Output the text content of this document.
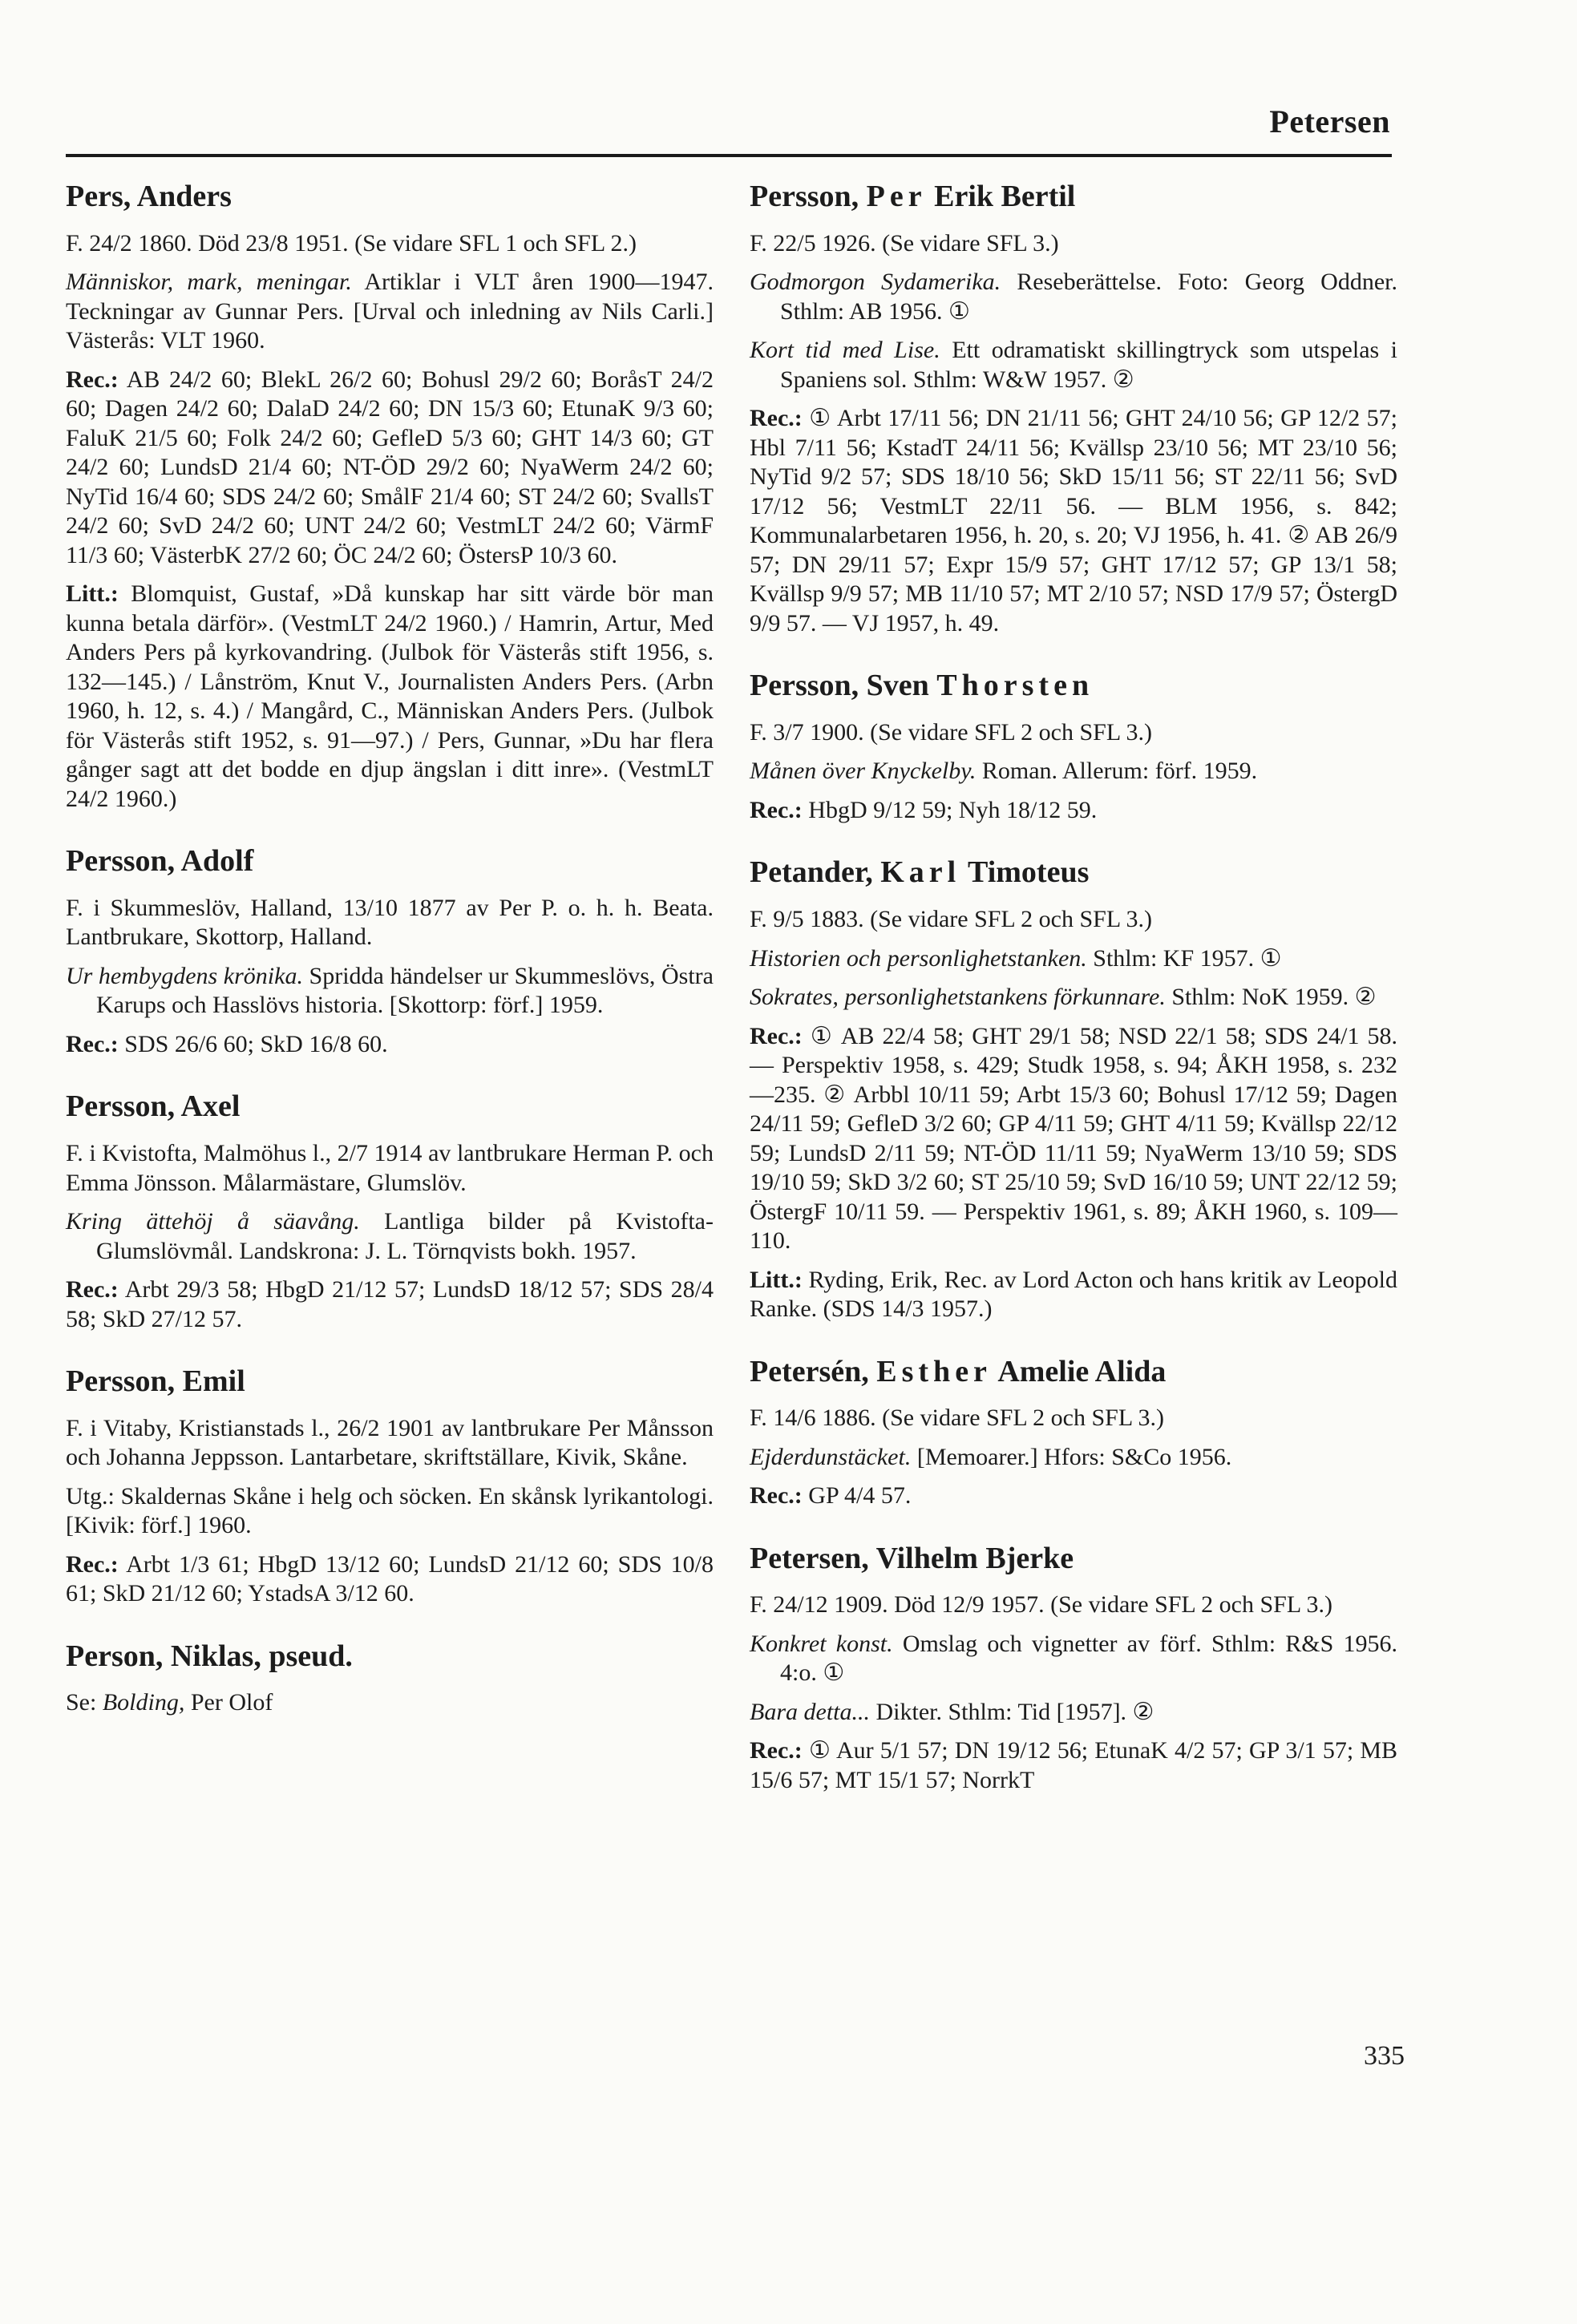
Petersen
Pers, Anders
F. 24/2 1860. Död 23/8 1951. (Se vidare SFL 1 och SFL 2.)
Människor, mark, meningar. Artiklar i VLT åren 1900—1947. Teckningar av Gunnar Pers. [Urval och inledning av Nils Carli.] Västerås: VLT 1960.
Rec.: AB 24/2 60; BlekL 26/2 60; Bohusl 29/2 60; BoråsT 24/2 60; Dagen 24/2 60; DalaD 24/2 60; DN 15/3 60; EtunaK 9/3 60; FaluK 21/5 60; Folk 24/2 60; GefleD 5/3 60; GHT 14/3 60; GT 24/2 60; LundsD 21/4 60; NT-ÖD 29/2 60; NyaWerm 24/2 60; NyTid 16/4 60; SDS 24/2 60; SmålF 21/4 60; ST 24/2 60; SvallsT 24/2 60; SvD 24/2 60; UNT 24/2 60; VestmLT 24/2 60; VärmF 11/3 60; VästerbK 27/2 60; ÖC 24/2 60; ÖstersP 10/3 60.
Litt.: Blomquist, Gustaf, »Då kunskap har sitt värde bör man kunna betala därför». (VestmLT 24/2 1960.) / Hamrin, Artur, Med Anders Pers på kyrkovandring. (Julbok för Västerås stift 1956, s. 132—145.) / Lånström, Knut V., Journalisten Anders Pers. (Arbn 1960, h. 12, s. 4.) / Mangård, C., Människan Anders Pers. (Julbok för Västerås stift 1952, s. 91—97.) / Pers, Gunnar, »Du har flera gånger sagt att det bodde en djup ängslan i ditt inre». (VestmLT 24/2 1960.)
Persson, Adolf
F. i Skummeslöv, Halland, 13/10 1877 av Per P. o. h. h. Beata. Lantbrukare, Skottorp, Halland.
Ur hembygdens krönika. Spridda händelser ur Skummeslövs, Östra Karups och Hasslövs historia. [Skottorp: förf.] 1959.
Rec.: SDS 26/6 60; SkD 16/8 60.
Persson, Axel
F. i Kvistofta, Malmöhus l., 2/7 1914 av lantbrukare Herman P. och Emma Jönsson. Målarmästare, Glumslöv.
Kring ättehöj å säavång. Lantliga bilder på Kvistofta-Glumslövmål. Landskrona: J. L. Törnqvists bokh. 1957.
Rec.: Arbt 29/3 58; HbgD 21/12 57; LundsD 18/12 57; SDS 28/4 58; SkD 27/12 57.
Persson, Emil
F. i Vitaby, Kristianstads l., 26/2 1901 av lantbrukare Per Månsson och Johanna Jeppsson. Lantarbetare, skriftställare, Kivik, Skåne.
Utg.: Skaldernas Skåne i helg och söcken. En skånsk lyrikantologi. [Kivik: förf.] 1960.
Rec.: Arbt 1/3 61; HbgD 13/12 60; LundsD 21/12 60; SDS 10/8 61; SkD 21/12 60; YstadsA 3/12 60.
Person, Niklas, pseud.
Se: Bolding, Per Olof
Persson, Per Erik Bertil
F. 22/5 1926. (Se vidare SFL 3.)
Godmorgon Sydamerika. Reseberättelse. Foto: Georg Oddner. Sthlm: AB 1956. ①
Kort tid med Lise. Ett odramatiskt skillingtryck som utspelas i Spaniens sol. Sthlm: W&W 1957. ②
Rec.: ① Arbt 17/11 56; DN 21/11 56; GHT 24/10 56; GP 12/2 57; Hbl 7/11 56; KstadT 24/11 56; Kvällsp 23/10 56; MT 23/10 56; NyTid 9/2 57; SDS 18/10 56; SkD 15/11 56; ST 22/11 56; SvD 17/12 56; VestmLT 22/11 56. — BLM 1956, s. 842; Kommunalarbetaren 1956, h. 20, s. 20; VJ 1956, h. 41. ② AB 26/9 57; DN 29/11 57; Expr 15/9 57; GHT 17/12 57; GP 13/1 58; Kvällsp 9/9 57; MB 11/10 57; MT 2/10 57; NSD 17/9 57; ÖstergD 9/9 57. — VJ 1957, h. 49.
Persson, Sven Thorsten
F. 3/7 1900. (Se vidare SFL 2 och SFL 3.)
Månen över Knyckelby. Roman. Allerum: förf. 1959.
Rec.: HbgD 9/12 59; Nyh 18/12 59.
Petander, Karl Timoteus
F. 9/5 1883. (Se vidare SFL 2 och SFL 3.)
Historien och personlighetstanken. Sthlm: KF 1957. ①
Sokrates, personlighetstankens förkunnare. Sthlm: NoK 1959. ②
Rec.: ① AB 22/4 58; GHT 29/1 58; NSD 22/1 58; SDS 24/1 58. — Perspektiv 1958, s. 429; Studk 1958, s. 94; ÅKH 1958, s. 232—235. ② Arbbl 10/11 59; Arbt 15/3 60; Bohusl 17/12 59; Dagen 24/11 59; GefleD 3/2 60; GP 4/11 59; GHT 4/11 59; Kvällsp 22/12 59; LundsD 2/11 59; NT-ÖD 11/11 59; NyaWerm 13/10 59; SDS 19/10 59; SkD 3/2 60; ST 25/10 59; SvD 16/10 59; UNT 22/12 59; ÖstergF 10/11 59. — Perspektiv 1961, s. 89; ÅKH 1960, s. 109—110.
Litt.: Ryding, Erik, Rec. av Lord Acton och hans kritik av Leopold Ranke. (SDS 14/3 1957.)
Petersén, Esther Amelie Alida
F. 14/6 1886. (Se vidare SFL 2 och SFL 3.)
Ejderdunstäcket. [Memoarer.] Hfors: S&Co 1956.
Rec.: GP 4/4 57.
Petersen, Vilhelm Bjerke
F. 24/12 1909. Död 12/9 1957. (Se vidare SFL 2 och SFL 3.)
Konkret konst. Omslag och vignetter av förf. Sthlm: R&S 1956. 4:o. ①
Bara detta... Dikter. Sthlm: Tid [1957]. ②
Rec.: ① Aur 5/1 57; DN 19/12 56; EtunaK 4/2 57; GP 3/1 57; MB 15/6 57; MT 15/1 57; NorrkT
335
